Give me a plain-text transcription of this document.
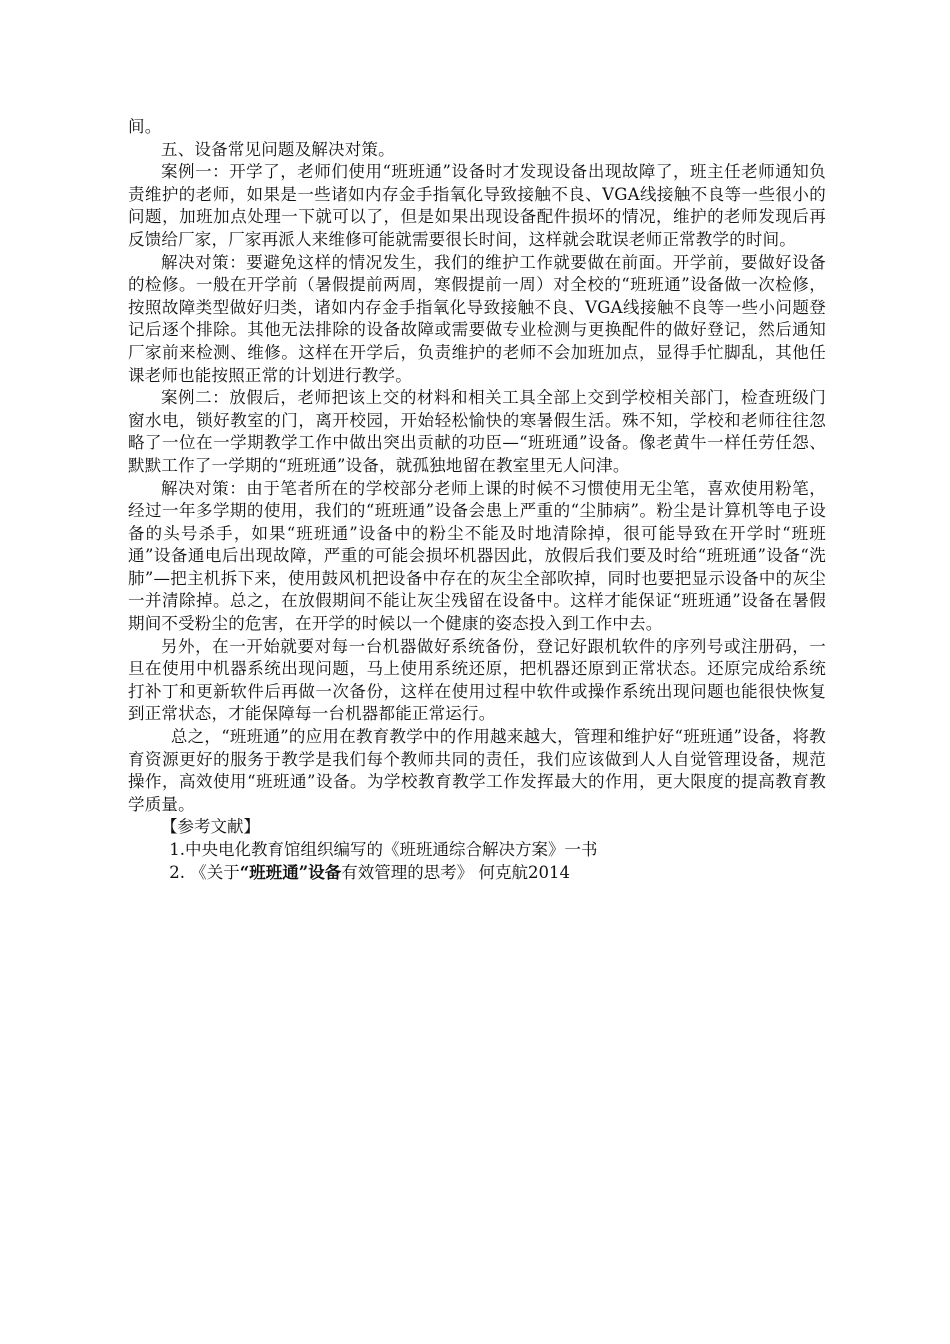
间。

五、设备常见问题及解决对策。

案例一：开学了，老师们使用“班班通”设备时才发现设备出现故障了，班主任老师通知负责维护的老师，如果是一些诸如内存金手指氧化导致接触不良、VGA线接触不良等一些很小的问题，加班加点处理一下就可以了，但是如果出现设备配件损坏的情况，维护的老师发现后再反馈给厂家，厂家再派人来维修可能就需要很长时间，这样就会耽误老师正常教学的时间。

解决对策：要避免这样的情况发生，我们的维护工作就要做在前面。开学前，要做好设备的检修。一般在开学前（暑假提前两周，寒假提前一周）对全校的“班班通”设备做一次检修，按照故障类型做好归类，诸如内存金手指氧化导致接触不良、VGA线接触不良等一些小问题登记后逐个排除。其他无法排除的设备故障或需要做专业检测与更换配件的做好登记，然后通知厂家前来检测、维修。这样在开学后，负责维护的老师不会加班加点，显得手忙脚乱，其他任课老师也能按照正常的计划进行教学。

案例二：放假后，老师把该上交的材料和相关工具全部上交到学校相关部门，检查班级门窗水电，锁好教室的门，离开校园，开始轻松愉快的寒暑假生活。殊不知，学校和老师往往忽略了一位在一学期教学工作中做出突出贡献的功臣—“班班通”设备。像老黄牛一样任劳任怨、默默工作了一学期的“班班通”设备，就孤独地留在教室里无人问津。

解决对策：由于笔者所在的学校部分老师上课的时候不习惯使用无尘笔，喜欢使用粉笔，经过一年多学期的使用，我们的“班班通”设备会患上严重的“尘肺病”。粉尘是计算机等电子设备的头号杀手，如果“班班通”设备中的粉尘不能及时地清除掉，很可能导致在开学时“班班通”设备通电后出现故障，严重的可能会损坏机器因此，放假后我们要及时给“班班通”设备“洗肺”—把主机拆下来，使用鼓风机把设备中存在的灰尘全部吹掉，同时也要把显示设备中的灰尘一并清除掉。总之，在放假期间不能让灰尘残留在设备中。这样才能保证“班班通”设备在暑假期间不受粉尘的危害，在开学的时候以一个健康的姿态投入到工作中去。

另外，在一开始就要对每一台机器做好系统备份，登记好跟机软件的序列号或注册码，一旦在使用中机器系统出现问题，马上使用系统还原，把机器还原到正常状态。还原完成给系统打补丁和更新软件后再做一次备份，这样在使用过程中软件或操作系统出现问题也能很快恢复到正常状态，才能保障每一台机器都能正常运行。

总之，“班班通”的应用在教育教学中的作用越来越大，管理和维护好“班班通”设备，将教育资源更好的服务于教学是我们每个教师共同的责任，我们应该做到人人自觉管理设备，规范操作，高效使用“班班通”设备。为学校教育教学工作发挥最大的作用，更大限度的提高教育教学质量。

【参考文献】

1.中央电化教育馆组织编写的《班班通综合解决方案》一书

2. 《关于“班班通”设备有效管理的思考》 何克航2014
